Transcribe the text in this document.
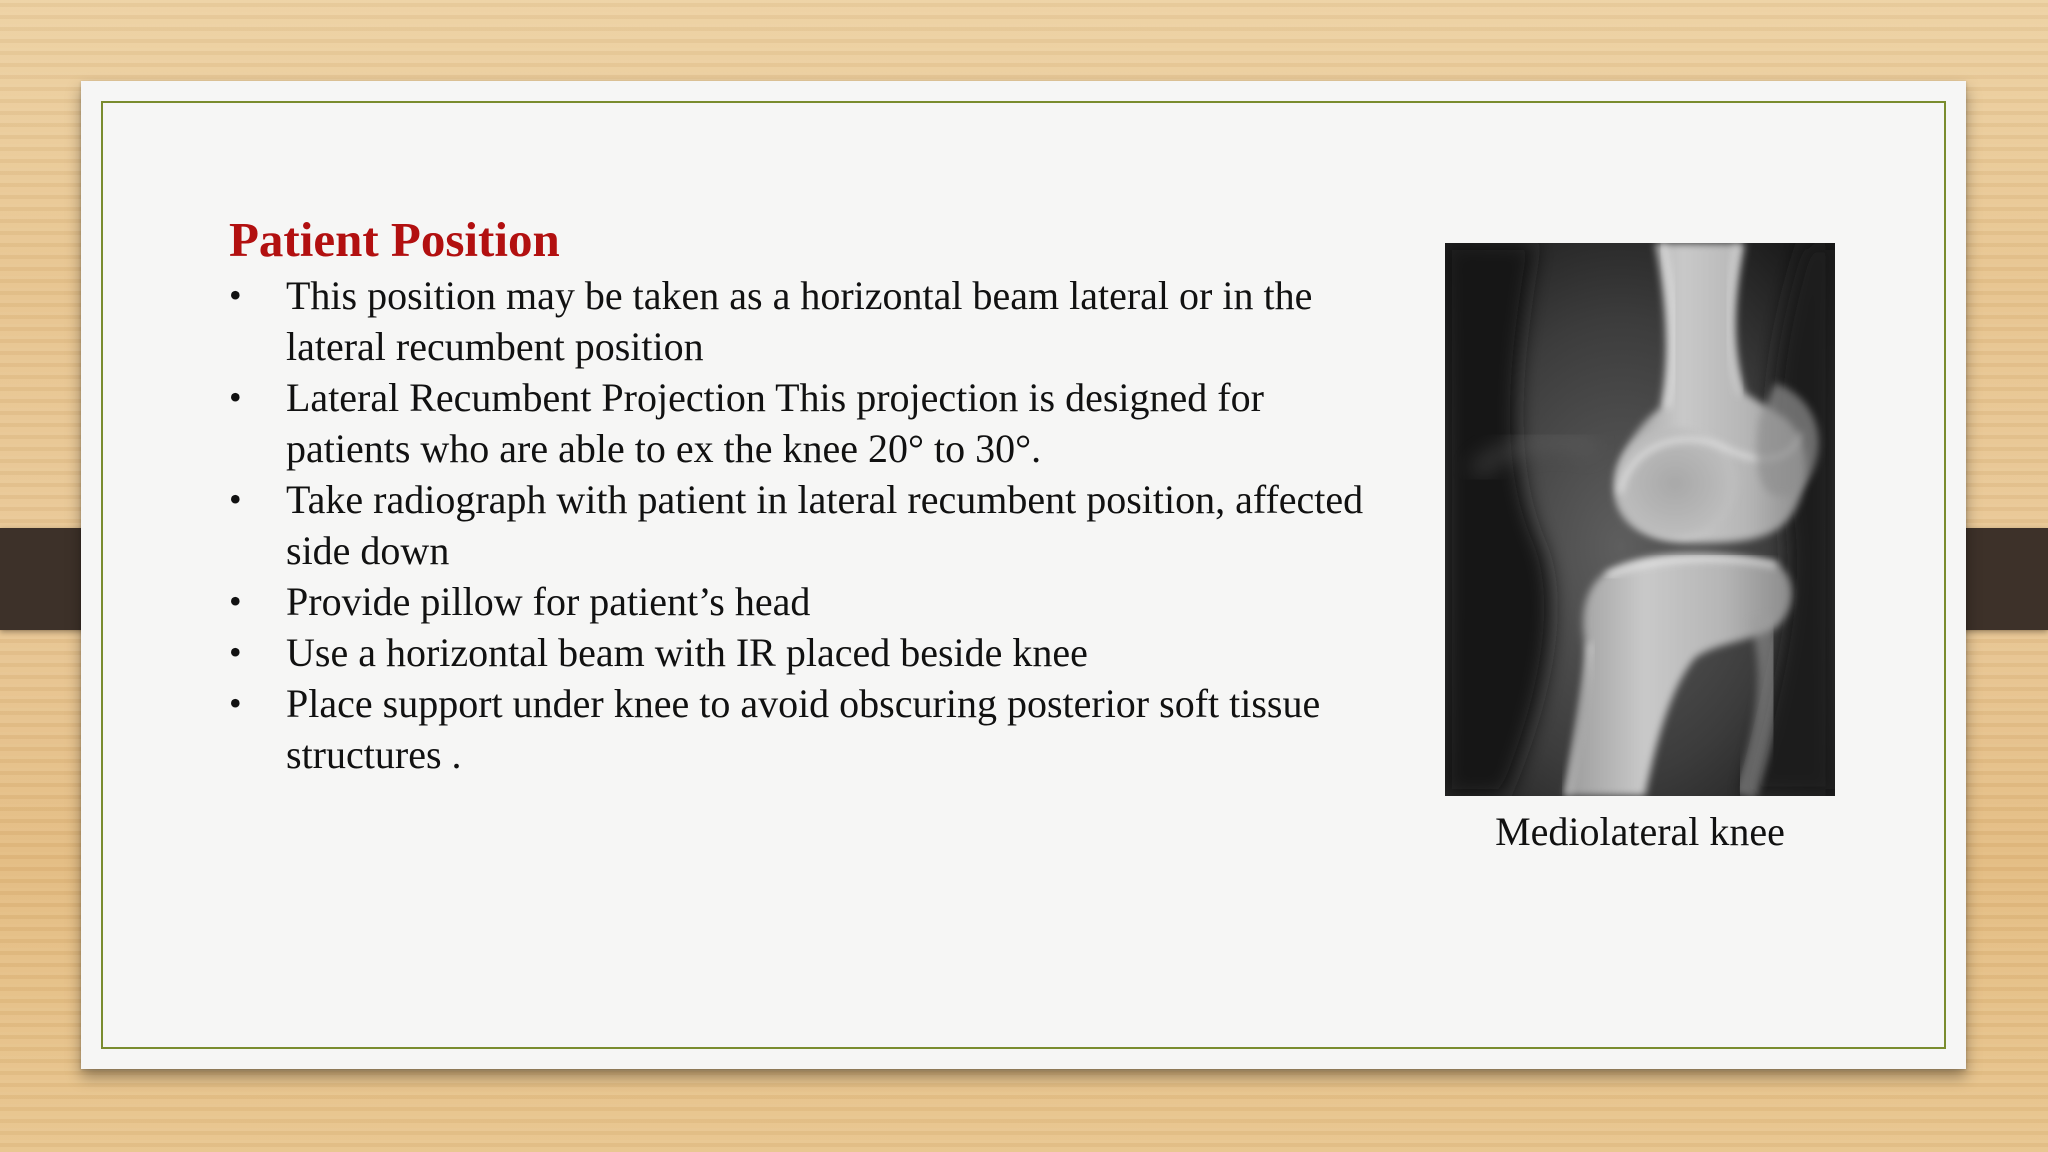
Patient Position
•	This position may be taken as a horizontal beam lateral or in the lateral recumbent position
•	Lateral Recumbent Projection This projection is designed for patients who are able to ex the knee 20° to 30°.
•	Take radiograph with patient in lateral recumbent position, affected side down
•	Provide pillow for patient’s head
•	Use a horizontal beam with IR placed beside knee
•	Place support under knee to avoid obscuring posterior soft tissue structures .

Mediolateral knee
